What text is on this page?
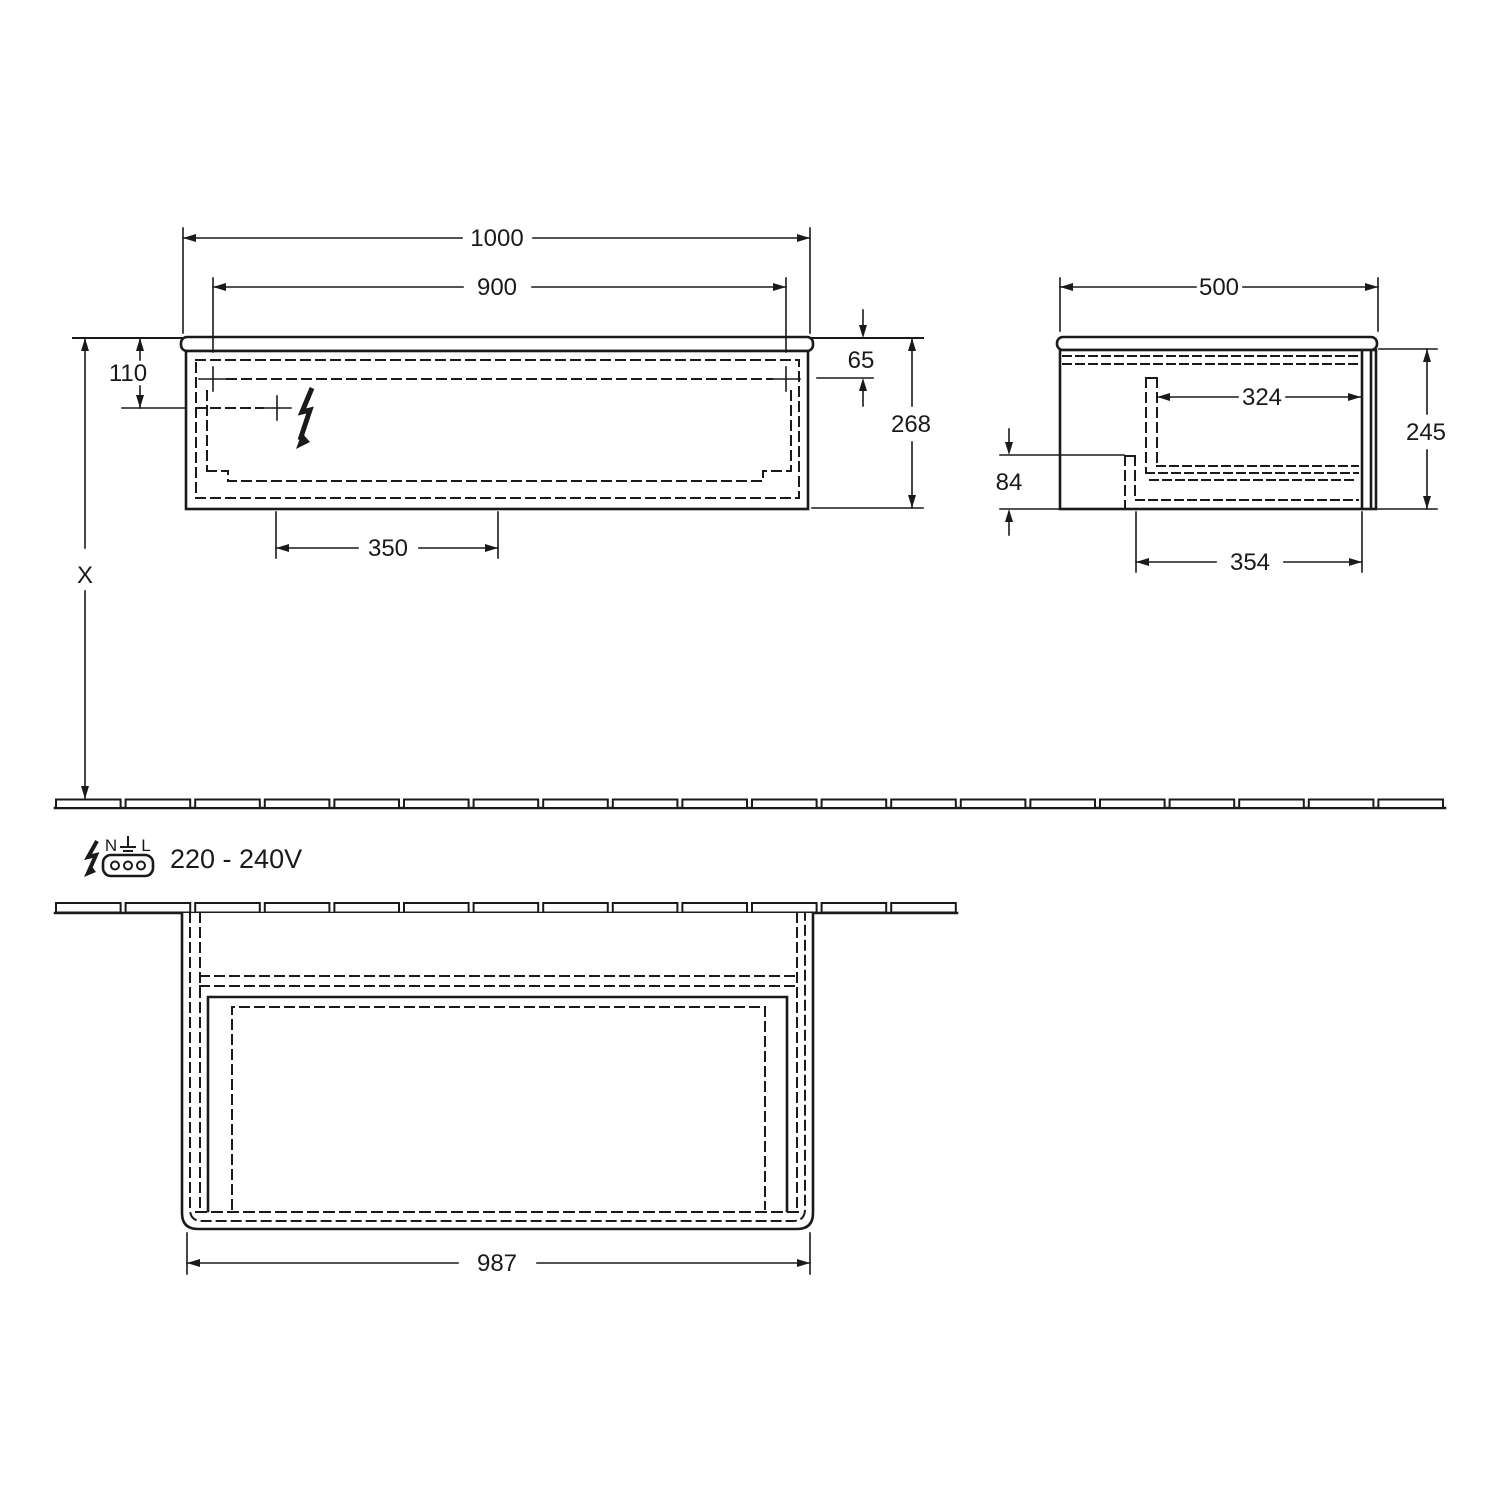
1000
900
110	65
268
350
X
500
324
245
84
354
N L 220 - 240V
987
